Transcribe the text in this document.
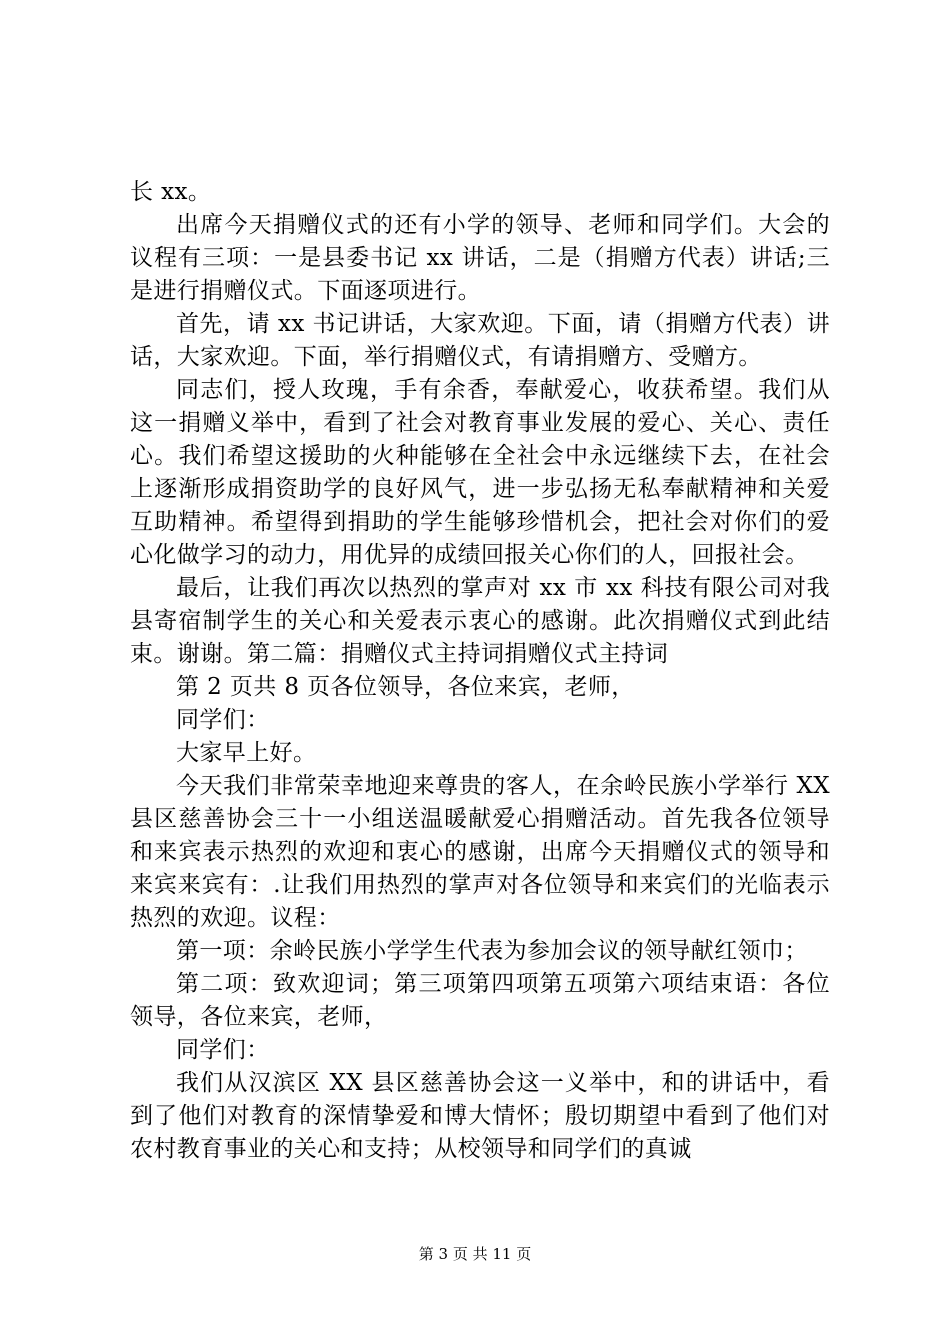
长 xx。

出席今天捐赠仪式的还有小学的领导、老师和同学们。大会的议程有三项：一是县委书记 xx 讲话，二是（捐赠方代表）讲话;三是进行捐赠仪式。下面逐项进行。

首先，请 xx 书记讲话，大家欢迎。下面，请（捐赠方代表）讲话，大家欢迎。下面，举行捐赠仪式，有请捐赠方、受赠方。

同志们，授人玫瑰，手有余香，奉献爱心，收获希望。我们从这一捐赠义举中，看到了社会对教育事业发展的爱心、关心、责任心。我们希望这援助的火种能够在全社会中永远继续下去，在社会上逐渐形成捐资助学的良好风气，进一步弘扬无私奉献精神和关爱互助精神。希望得到捐助的学生能够珍惜机会，把社会对你们的爱心化做学习的动力，用优异的成绩回报关心你们的人，回报社会。

最后，让我们再次以热烈的掌声对 xx 市 xx 科技有限公司对我县寄宿制学生的关心和关爱表示衷心的感谢。此次捐赠仪式到此结束。谢谢。第二篇：捐赠仪式主持词捐赠仪式主持词

第 2 页共 8 页各位领导，各位来宾，老师，

同学们：

大家早上好。

今天我们非常荣幸地迎来尊贵的客人，在余岭民族小学举行 XX 县区慈善协会三十一小组送温暖献爱心捐赠活动。首先我各位领导和来宾表示热烈的欢迎和衷心的感谢，出席今天捐赠仪式的领导和来宾来宾有：.让我们用热烈的掌声对各位领导和来宾们的光临表示热烈的欢迎。议程：

第一项：余岭民族小学学生代表为参加会议的领导献红领巾；

第二项：致欢迎词；第三项第四项第五项第六项结束语：各位领导，各位来宾，老师，

同学们：

我们从汉滨区 XX 县区慈善协会这一义举中，和的讲话中，看到了他们对教育的深情挚爱和博大情怀；殷切期望中看到了他们对农村教育事业的关心和支持；从校领导和同学们的真诚

第 3 页 共 11 页
